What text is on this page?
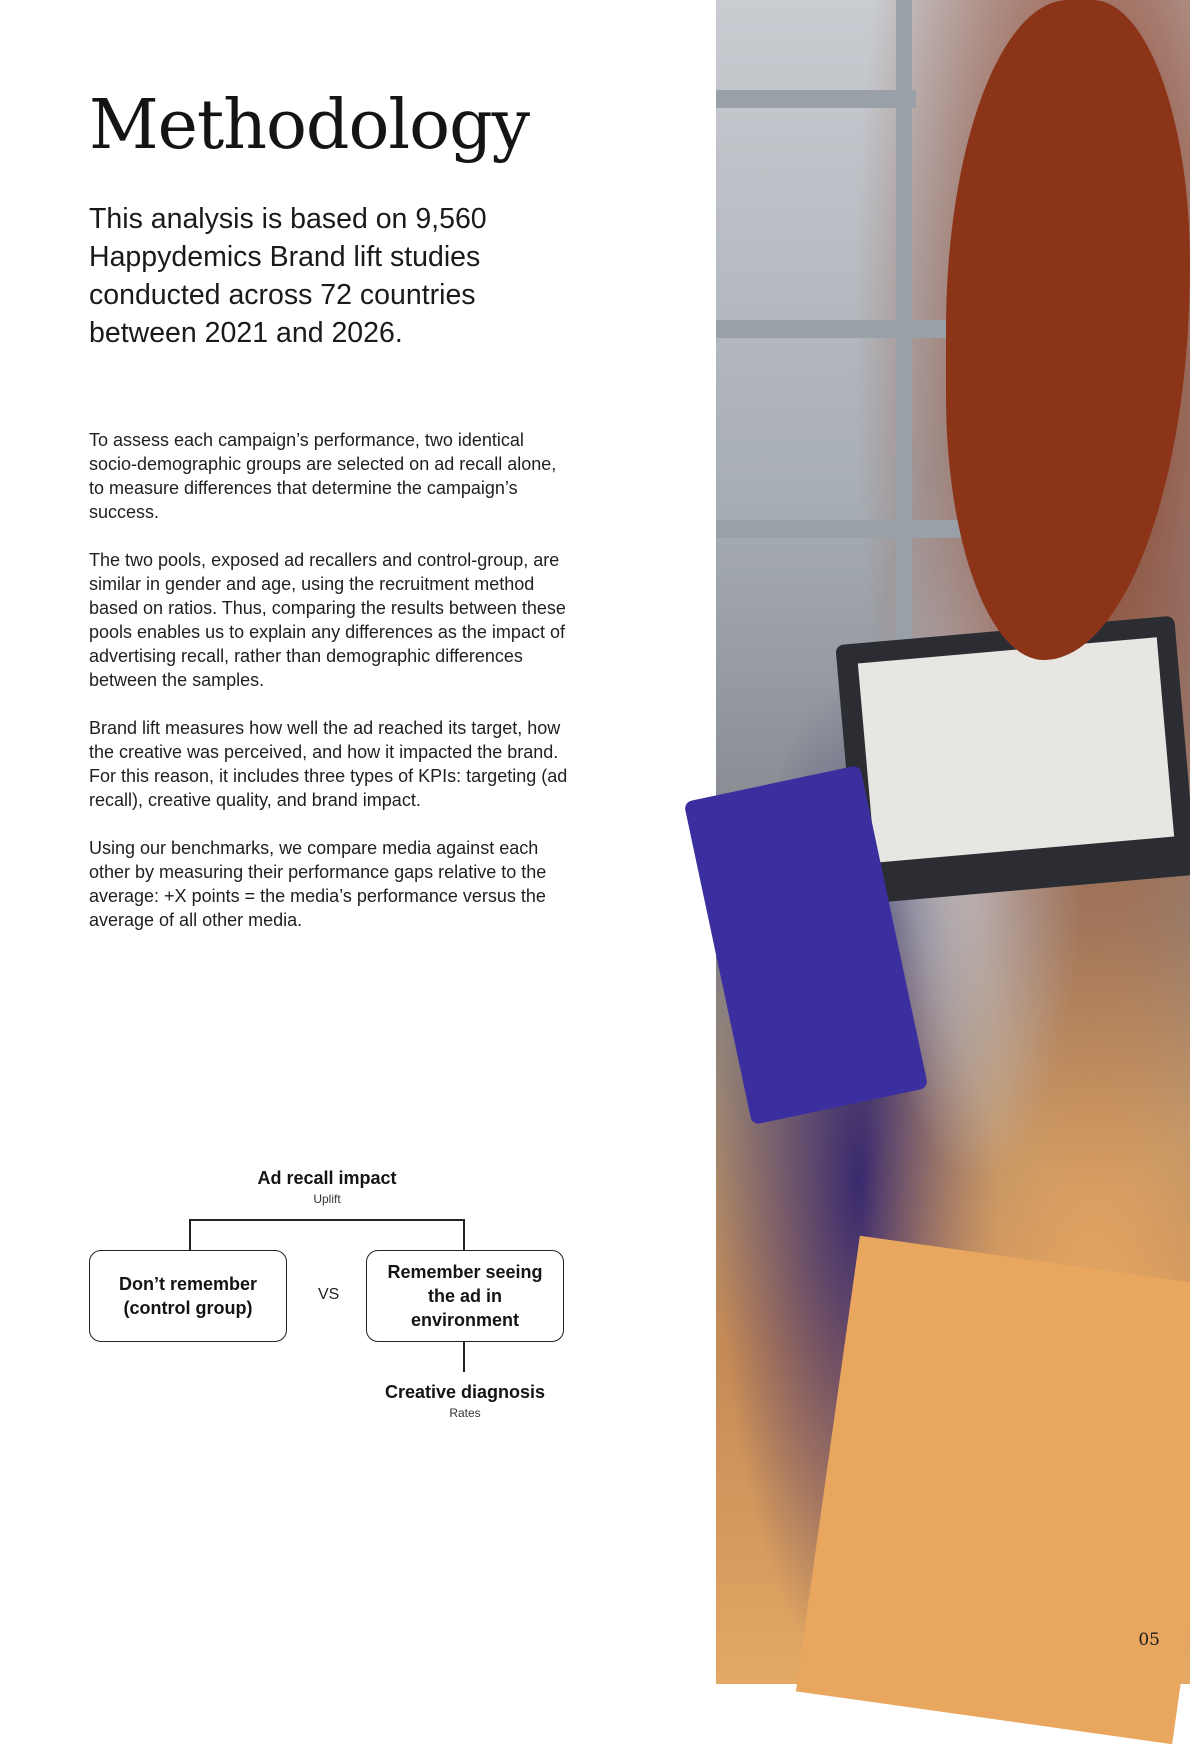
Methodology

This analysis is based on 9,560 Happydemics Brand lift studies conducted across 72 countries between 2021 and 2026.

To assess each campaign’s performance, two identical socio-demographic groups are selected on ad recall alone, to measure differences that determine the campaign’s success.

The two pools, exposed ad recallers and control-group, are similar in gender and age, using the recruitment method based on ratios. Thus, comparing the results between these pools enables us to explain any differences as the impact of advertising recall, rather than demographic differences between the samples.

Brand lift measures how well the ad reached its target, how the creative was perceived, and how it impacted the brand. For this reason, it includes three types of KPIs: targeting (ad recall), creative quality, and brand impact.

Using our benchmarks, we compare media against each other by measuring their performance gaps relative to the average: +X points = the media’s performance versus the average of all other media.

Ad recall impact
Uplift
Don’t remember (control group)
VS
Remember seeing the ad in environment
Creative diagnosis
Rates
05
